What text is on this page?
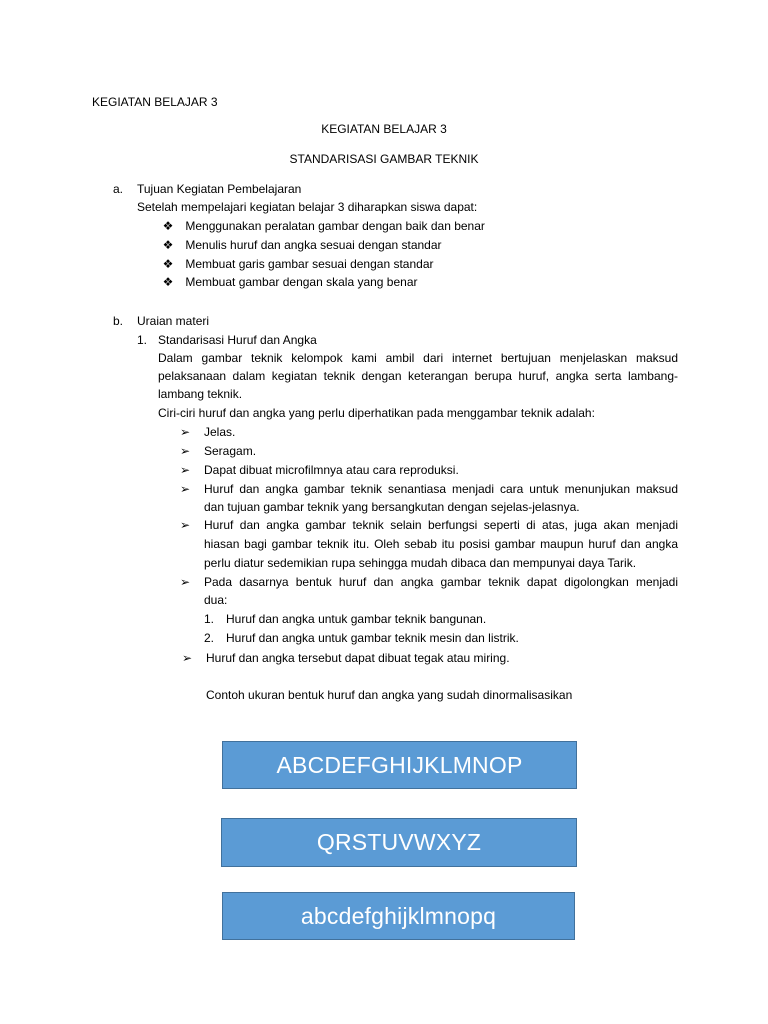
KEGIATAN BELAJAR 3
KEGIATAN BELAJAR 3
STANDARISASI GAMBAR TEKNIK
a. Tujuan Kegiatan Pembelajaran
Setelah mempelajari kegiatan belajar 3 diharapkan siswa dapat:
❖ Menggunakan peralatan gambar dengan baik dan benar
❖ Menulis huruf dan angka sesuai dengan standar
❖ Membuat garis gambar sesuai dengan standar
❖ Membuat gambar dengan skala yang benar
b. Uraian materi
1. Standarisasi Huruf dan Angka
Dalam gambar teknik kelompok kami ambil dari internet bertujuan menjelaskan maksud
pelaksanaan dalam kegiatan teknik dengan keterangan berupa huruf, angka serta lambang-
lambang teknik.
Ciri-ciri huruf dan angka yang perlu diperhatikan pada menggambar teknik adalah:
➢ Jelas.
➢ Seragam.
➢ Dapat dibuat microfilmnya atau cara reproduksi.
➢ Huruf dan angka gambar teknik senantiasa menjadi cara untuk menunjukan maksud
dan tujuan gambar teknik yang bersangkutan dengan sejelas-jelasnya.
➢ Huruf dan angka gambar teknik selain berfungsi seperti di atas, juga akan menjadi
hiasan bagi gambar teknik itu. Oleh sebab itu posisi gambar maupun huruf dan angka
perlu diatur sedemikian rupa sehingga mudah dibaca dan mempunyai daya Tarik.
➢ Pada dasarnya bentuk huruf dan angka gambar teknik dapat digolongkan menjadi
dua:
1. Huruf dan angka untuk gambar teknik bangunan.
2. Huruf dan angka untuk gambar teknik mesin dan listrik.
➢ Huruf dan angka tersebut dapat dibuat tegak atau miring.
Contoh ukuran bentuk huruf dan angka yang sudah dinormalisasikan
ABCDEFGHIJKLMNOP
QRSTUVWXYZ
abcdefghijklmnopq
